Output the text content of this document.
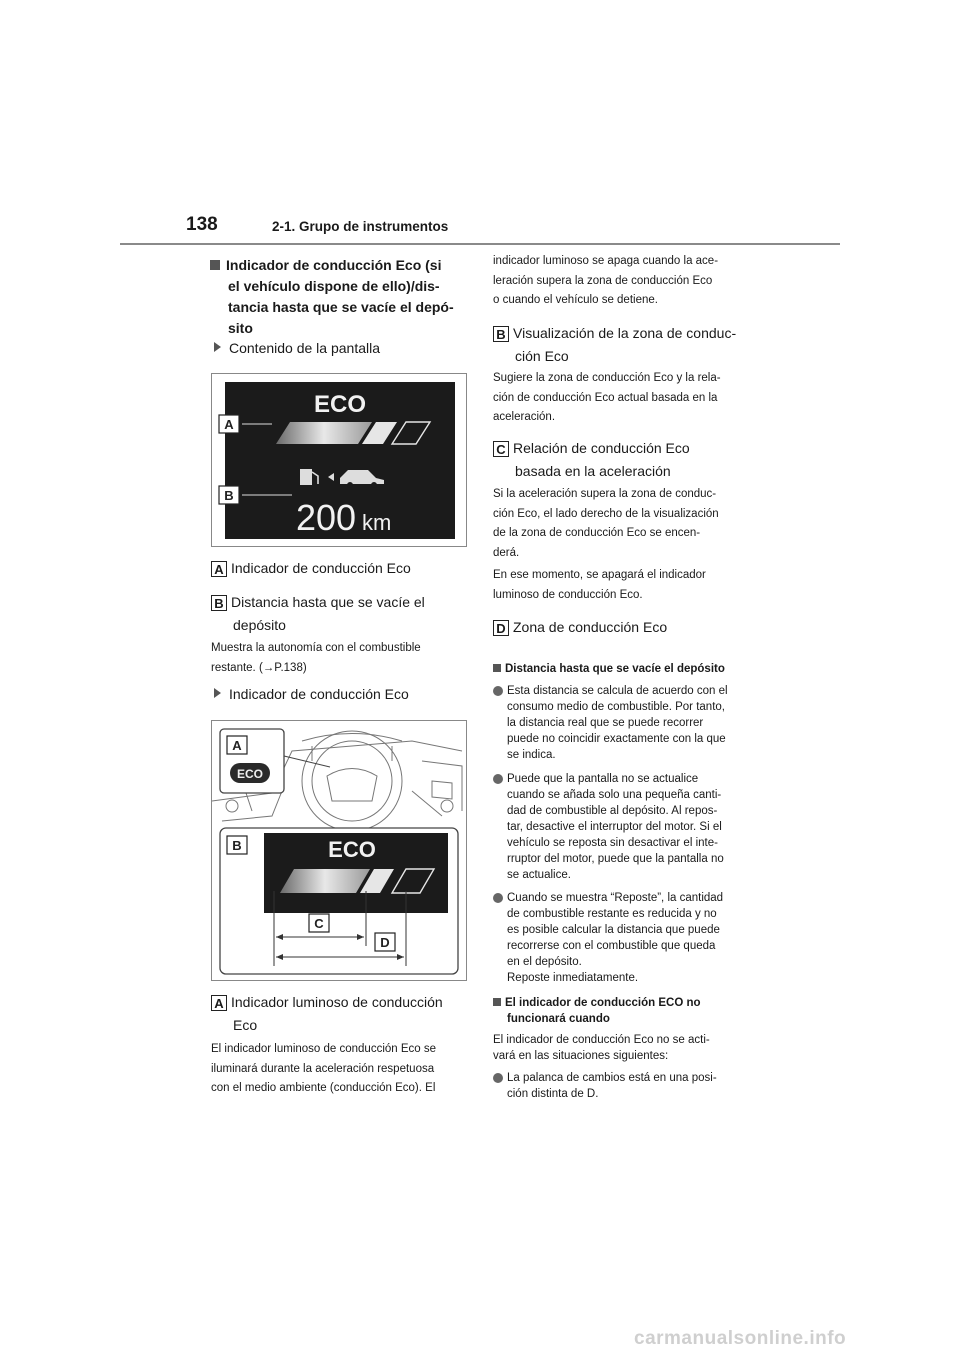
138	2-1. Grupo de instrumentos
Indicador de conducción Eco (si
el vehículo dispone de ello)/dis-
tancia hasta que se vacíe el depó-
sito
Contenido de la pantalla
ECO
200 km
A
B
A Indicador de conducción Eco
B Distancia hasta que se vacíe el
depósito
Muestra la autonomía con el combustible
restante. (→P.138)
Indicador de conducción Eco
A
ECO
B	ECO
C
D
A Indicador luminoso de conducción
Eco
El indicador luminoso de conducción Eco se
iluminará durante la aceleración respetuosa
con el medio ambiente (conducción Eco). El
indicador luminoso se apaga cuando la ace-
leración supera la zona de conducción Eco
o cuando el vehículo se detiene.
B Visualización de la zona de conduc-
ción Eco
Sugiere la zona de conducción Eco y la rela-
ción de conducción Eco actual basada en la
aceleración.
C Relación de conducción Eco
basada en la aceleración
Si la aceleración supera la zona de conduc-
ción Eco, el lado derecho de la visualización
de la zona de conducción Eco se encen-
derá.
En ese momento, se apagará el indicador
luminoso de conducción Eco.
D Zona de conducción Eco
Distancia hasta que se vacíe el depósito
Esta distancia se calcula de acuerdo con el
consumo medio de combustible. Por tanto,
la distancia real que se puede recorrer
puede no coincidir exactamente con la que
se indica.
Puede que la pantalla no se actualice
cuando se añada solo una pequeña canti-
dad de combustible al depósito. Al repos-
tar, desactive el interruptor del motor. Si el
vehículo se reposta sin desactivar el inte-
rruptor del motor, puede que la pantalla no
se actualice.
Cuando se muestra “Reposte”, la cantidad
de combustible restante es reducida y no
es posible calcular la distancia que puede
recorrerse con el combustible que queda
en el depósito.
Reposte inmediatamente.
El indicador de conducción ECO no
funcionará cuando
El indicador de conducción Eco no se acti-
vará en las situaciones siguientes:
La palanca de cambios está en una posi-
ción distinta de D.
carmanualsonline.info
